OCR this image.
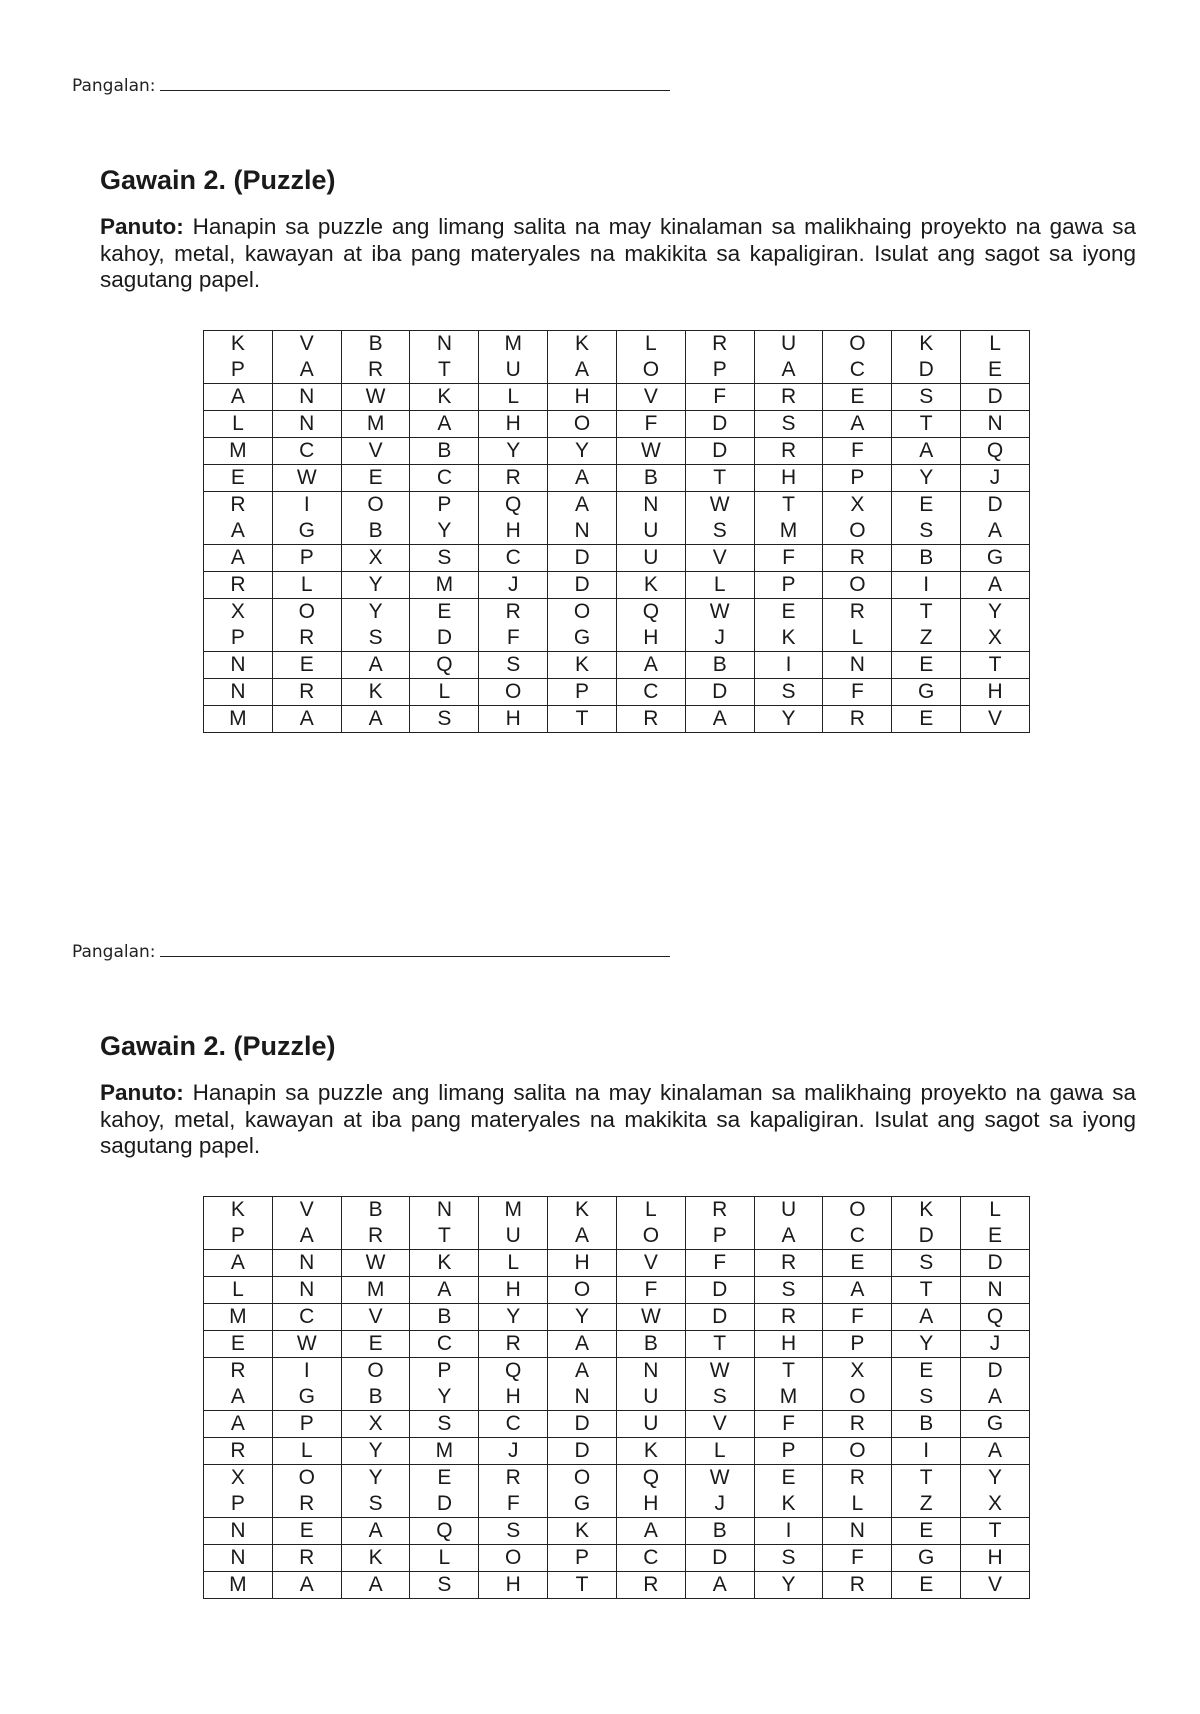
Pangalan:
Gawain 2. (Puzzle)

Panuto: Hanapin sa puzzle ang limang salita na may kinalaman sa malikhaing proyekto na gawa sa kahoy, metal, kawayan at iba pang materyales na makikita sa kapaligiran. Isulat ang sagot sa iyong sagutang papel.

K	V	B	N	M	K	L	R	U	O	K	L
P	A	R	T	U	A	O	P	A	C	D	E
A	N	W	K	L	H	V	F	R	E	S	D
L	N	M	A	H	O	F	D	S	A	T	N
M	C	V	B	Y	Y	W	D	R	F	A	Q
E	W	E	C	R	A	B	T	H	P	Y	J
R	I	O	P	Q	A	N	W	T	X	E	D
A	G	B	Y	H	N	U	S	M	O	S	A
A	P	X	S	C	D	U	V	F	R	B	G
R	L	Y	M	J	D	K	L	P	O	I	A
X	O	Y	E	R	O	Q	W	E	R	T	Y
P	R	S	D	F	G	H	J	K	L	Z	X
N	E	A	Q	S	K	A	B	I	N	E	T
N	R	K	L	O	P	C	D	S	F	G	H
M	A	A	S	H	T	R	A	Y	R	E	V
Pangalan:
Gawain 2. (Puzzle)

Panuto: Hanapin sa puzzle ang limang salita na may kinalaman sa malikhaing proyekto na gawa sa kahoy, metal, kawayan at iba pang materyales na makikita sa kapaligiran. Isulat ang sagot sa iyong sagutang papel.

K	V	B	N	M	K	L	R	U	O	K	L
P	A	R	T	U	A	O	P	A	C	D	E
A	N	W	K	L	H	V	F	R	E	S	D
L	N	M	A	H	O	F	D	S	A	T	N
M	C	V	B	Y	Y	W	D	R	F	A	Q
E	W	E	C	R	A	B	T	H	P	Y	J
R	I	O	P	Q	A	N	W	T	X	E	D
A	G	B	Y	H	N	U	S	M	O	S	A
A	P	X	S	C	D	U	V	F	R	B	G
R	L	Y	M	J	D	K	L	P	O	I	A
X	O	Y	E	R	O	Q	W	E	R	T	Y
P	R	S	D	F	G	H	J	K	L	Z	X
N	E	A	Q	S	K	A	B	I	N	E	T
N	R	K	L	O	P	C	D	S	F	G	H
M	A	A	S	H	T	R	A	Y	R	E	V
